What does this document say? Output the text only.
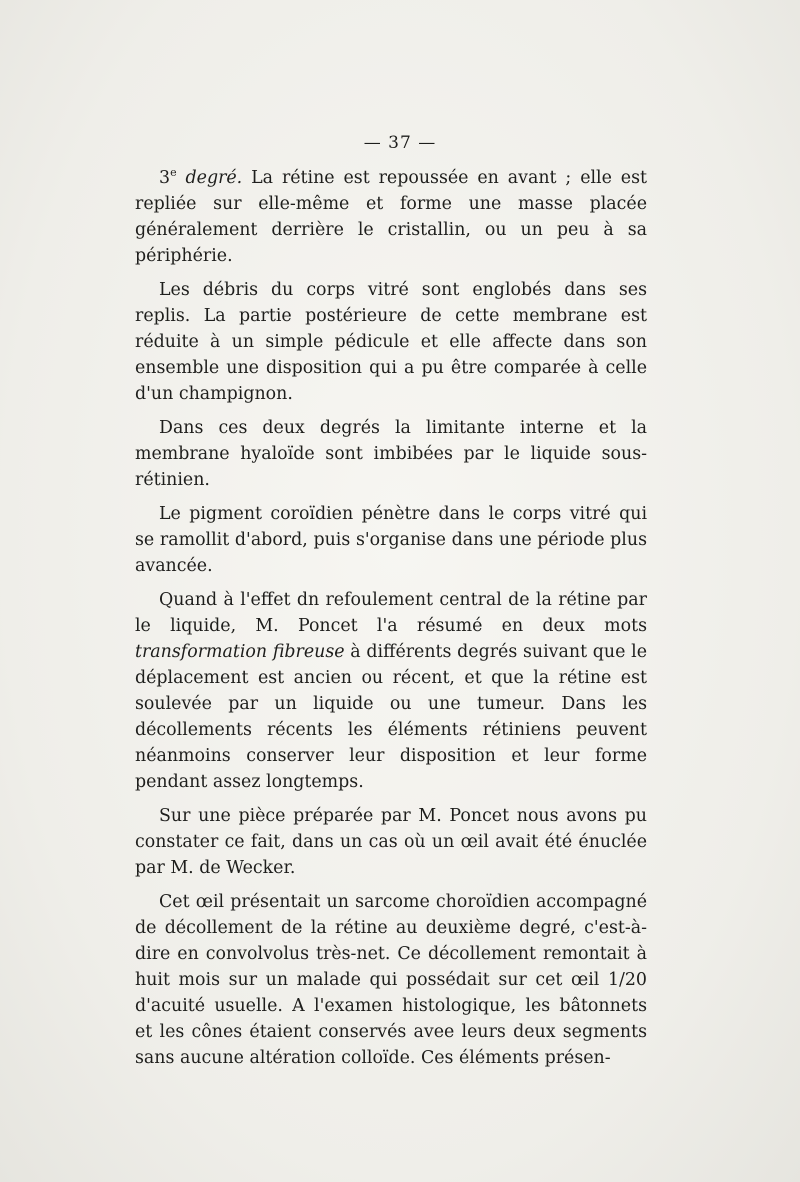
— 37 —

3e degré. La rétine est repoussée en avant ; elle est repliée sur elle-même et forme une masse placée généralement derrière le cristallin, ou un peu à sa périphérie.

Les débris du corps vitré sont englobés dans ses replis. La partie postérieure de cette membrane est réduite à un simple pédicule et elle affecte dans son ensemble une disposition qui a pu être comparée à celle d'un champignon.

Dans ces deux degrés la limitante interne et la membrane hyaloïde sont imbibées par le liquide sous-rétinien.

Le pigment coroïdien pénètre dans le corps vitré qui se ramollit d'abord, puis s'organise dans une période plus avancée.

Quand à l'effet dn refoulement central de la rétine par le liquide, M. Poncet l'a résumé en deux mots transformation fibreuse à différents degrés suivant que le déplacement est ancien ou récent, et que la rétine est soulevée par un liquide ou une tumeur. Dans les décollements récents les éléments rétiniens peuvent néanmoins conserver leur disposition et leur forme pendant assez longtemps.

Sur une pièce préparée par M. Poncet nous avons pu constater ce fait, dans un cas où un œil avait été énuclée par M. de Wecker.

Cet œil présentait un sarcome choroïdien accompagné de décollement de la rétine au deuxième degré, c'est-à-dire en convolvolus très-net. Ce décollement remontait à huit mois sur un malade qui possédait sur cet œil 1/20 d'acuité usuelle. A l'examen histologique, les bâtonnets et les cônes étaient conservés avee leurs deux segments sans aucune altération colloïde. Ces éléments présen-
